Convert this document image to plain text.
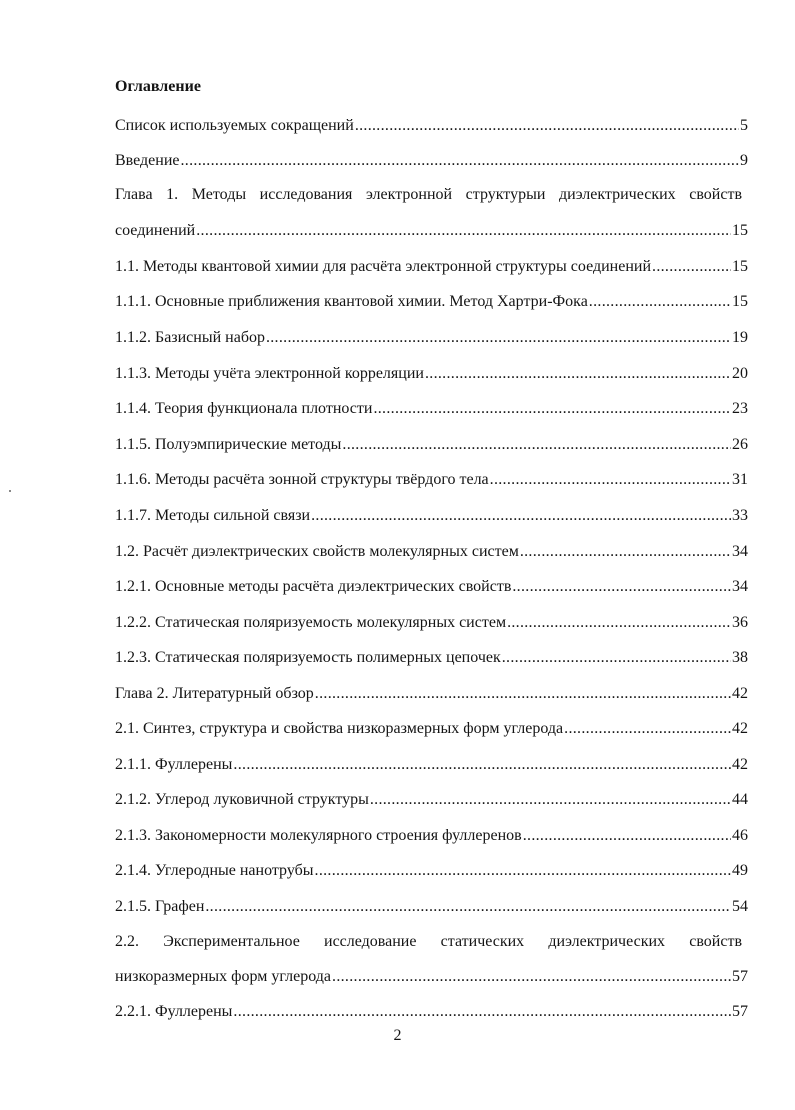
Оглавление
Список используемых сокращений .....	5
Введение .....	9
Глава 1. Методы исследования электронной структурыи диэлектрических свойств
соединений .....	15
1.1. Методы квантовой химии для расчёта электронной структуры соединений .....	15
1.1.1. Основные приближения квантовой химии. Метод Хартри-Фока .....	15
1.1.2. Базисный набор .....	19
1.1.3. Методы учёта электронной корреляции .....	20
1.1.4. Теория функционала плотности .....	23
1.1.5. Полуэмпирические методы .....	26
1.1.6. Методы расчёта зонной структуры твёрдого тела .....	31
1.1.7. Методы сильной связи .....	33
1.2. Расчёт диэлектрических свойств молекулярных систем .....	34
1.2.1. Основные методы расчёта диэлектрических свойств .....	34
1.2.2. Статическая поляризуемость молекулярных систем .....	36
1.2.3. Статическая поляризуемость полимерных цепочек .....	38
Глава 2. Литературный обзор .....	42
2.1. Синтез, структура и свойства низкоразмерных форм углерода .....	42
2.1.1. Фуллерены .....	42
2.1.2. Углерод луковичной структуры .....	44
2.1.3. Закономерности молекулярного строения фуллеренов .....	46
2.1.4. Углеродные нанотрубы .....	49
2.1.5. Графен .....	54
2.2. Экспериментальное исследование статических диэлектрических свойств
низкоразмерных форм углерода .....	57
2.2.1. Фуллерены .....	57
2
